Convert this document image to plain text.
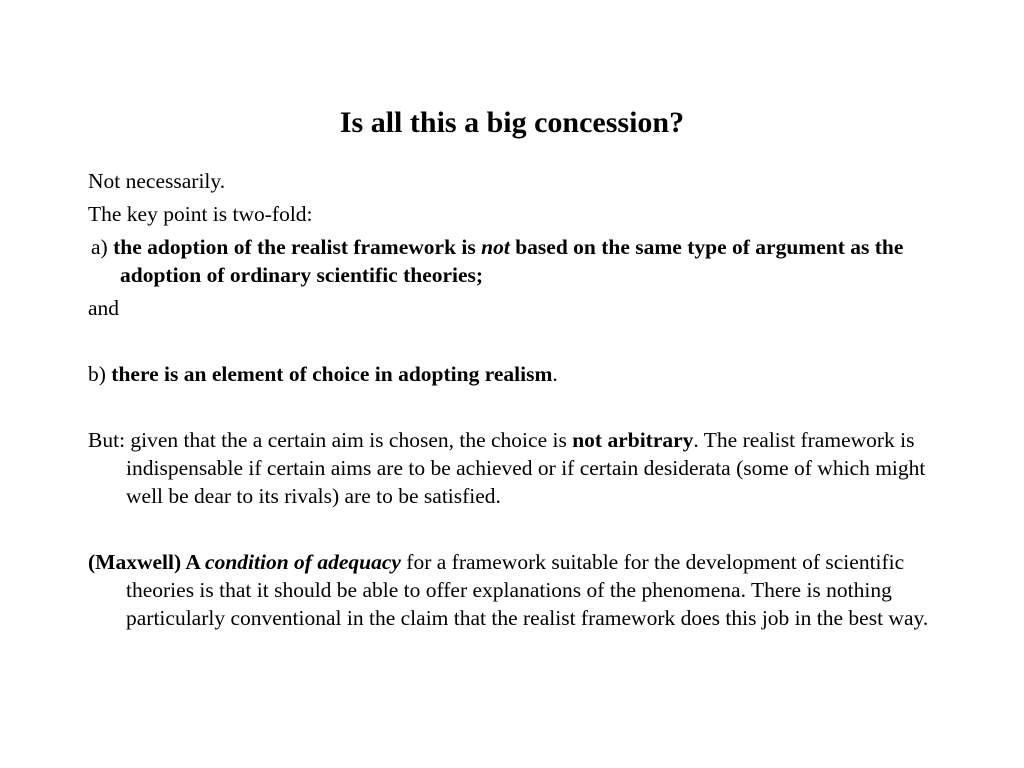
Is all this a big concession?

Not necessarily.

The key point is two-fold:

a) the adoption of the realist framework is not based on the same type of argument as the adoption of ordinary scientific theories;

and

b) there is an element of choice in adopting realism.

But: given that the a certain aim is chosen, the choice is not arbitrary. The realist framework is indispensable if certain aims are to be achieved or if certain desiderata (some of which might well be dear to its rivals) are to be satisfied.

(Maxwell) A condition of adequacy for a framework suitable for the development of scientific theories is that it should be able to offer explanations of the phenomena. There is nothing particularly conventional in the claim that the realist framework does this job in the best way.
